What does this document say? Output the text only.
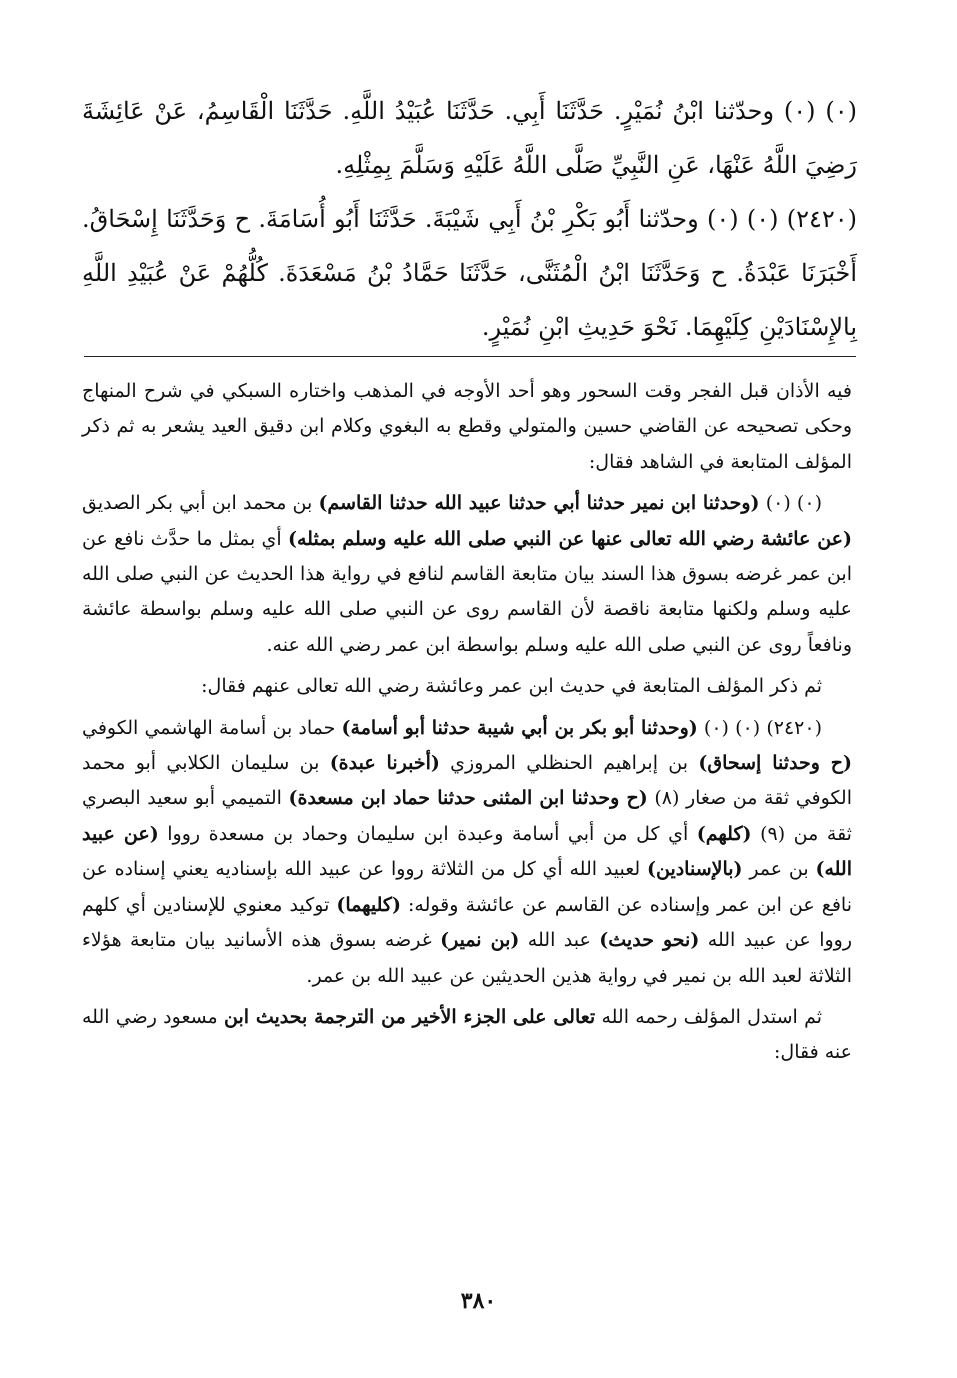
(٠) (٠) وحدّثنا ابْنُ نُمَيْرٍ. حَدَّثَنَا أَبِي. حَدَّثَنَا عُبَيْدُ اللَّهِ. حَدَّثَنَا الْقَاسِمُ، عَنْ عَائِشَةَ رَضِيَ اللَّهُ عَنْهَا، عَنِ النَّبِيِّ صَلَّى اللَّهُ عَلَيْهِ وَسَلَّمَ بِمِثْلِهِ.

(٢٤٢٠) (٠) (٠) وحدّثنا أَبُو بَكْرِ بْنُ أَبِي شَيْبَةَ. حَدَّثَنَا أَبُو أُسَامَةَ. ح وَحَدَّثَنَا إِسْحَاقُ. أَخْبَرَنَا عَبْدَةُ. ح وَحَدَّثَنَا ابْنُ الْمُثَنَّى، حَدَّثَنَا حَمَّادُ بْنُ مَسْعَدَةَ. كُلُّهُمْ عَنْ عُبَيْدِ اللَّهِ بِالإِسْنَادَيْنِ كِلَيْهِمَا. نَحْوَ حَدِيثِ ابْنِ نُمَيْرٍ.

فيه الأذان قبل الفجر وقت السحور وهو أحد الأوجه في المذهب واختاره السبكي في شرح المنهاج وحكى تصحيحه عن القاضي حسين والمتولي وقطع به البغوي وكلام ابن دقيق العيد يشعر به ثم ذكر المؤلف المتابعة في الشاهد فقال:

(٠) (٠) (وحدثنا ابن نمير حدثنا أبي حدثنا عبيد الله حدثنا القاسم) بن محمد ابن أبي بكر الصديق (عن عائشة رضي الله تعالى عنها عن النبي صلى الله عليه وسلم بمثله) أي بمثل ما حدَّث نافع عن ابن عمر غرضه بسوق هذا السند بيان متابعة القاسم لنافع في رواية هذا الحديث عن النبي صلى الله عليه وسلم ولكنها متابعة ناقصة لأن القاسم روى عن النبي صلى الله عليه وسلم بواسطة عائشة ونافعاً روى عن النبي صلى الله عليه وسلم بواسطة ابن عمر رضي الله عنه.

ثم ذكر المؤلف المتابعة في حديث ابن عمر وعائشة رضي الله تعالى عنهم فقال:

(٢٤٢٠) (٠) (٠) (وحدثنا أبو بكر بن أبي شيبة حدثنا أبو أسامة) حماد بن أسامة الهاشمي الكوفي (ح وحدثنا إسحاق) بن إبراهيم الحنظلي المروزي (أخبرنا عبدة) بن سليمان الكلابي أبو محمد الكوفي ثقة من صغار (٨) (ح وحدثنا ابن المثنى حدثنا حماد ابن مسعدة) التميمي أبو سعيد البصري ثقة من (٩) (كلهم) أي كل من أبي أسامة وعبدة ابن سليمان وحماد بن مسعدة رووا (عن عبيد الله) بن عمر (بالإسنادين) لعبيد الله أي كل من الثلاثة رووا عن عبيد الله بإسناديه يعني إسناده عن نافع عن ابن عمر وإسناده عن القاسم عن عائشة وقوله: (كليهما) توكيد معنوي للإسنادين أي كلهم رووا عن عبيد الله (نحو حديث) عبد الله (بن نمير) غرضه بسوق هذه الأسانيد بيان متابعة هؤلاء الثلاثة لعبد الله بن نمير في رواية هذين الحديثين عن عبيد الله بن عمر.

ثم استدل المؤلف رحمه الله تعالى على الجزء الأخير من الترجمة بحديث ابن مسعود رضي الله عنه فقال:

٣٨٠
